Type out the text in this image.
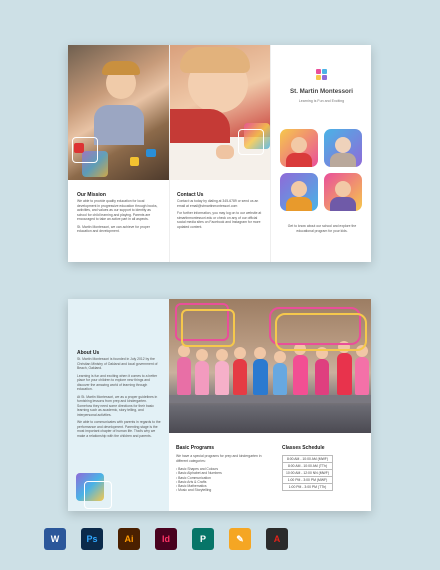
Our Mission

We able to provide quality education for local development in progressive education through books, activities, and values as our support to identity as school for child learning and playing. Parents are encouraged to take an active part in all aspects.

St. Martin Montessori, we can achieve for proper education and development.

Contact Us

Contact us today by dialing at 345-6789 or send us an email at email@stmartinmontessori.com

For further information, you may log on to our website at stmartinmontessori.edu or check on any of our official social media sites on Facebook and Instagram for more updated content.

St. Martin Montessori
Learning is Fun and Exciting
Get to know about our school and explore the educational program for your kids.
About Us

St. Martin Montessori is founded in July 2012 by the Christian Ministry of Oakland and local government of Beach, Oakland.

Learning is fun and exciting when it comes to a better place for your children to explore new things and discover the amazing world of learning through education.

At St. Martin Montessori, we as a proper guidelines in furnishing lessons from prep and kindergarten. Somehow they need some directions for their basic learning such as academic, story telling, and interpersonal activities.

We able to communicates with parents in regards to the performance and development. Parenting stage is the most important chapter of human life. That's why we make a relationship with the children and parents.

Basic Programs
We have a special programs for prep and kindergarten in different categories:
• Basic Shapes and Colours
• Basic Alphabet and Numbers
• Basic Communication
• Basic Arts & Crafts
• Basic Mathematics
• Music and Storytelling
Classes Schedule
8:00 AM - 10:00 AM (MWF)
8:00 AM - 10:00 AM (TTh)
10:00 AM - 12:00 NN (MWF)
1:00 PM - 3:00 PM (MWF)
1:00 PM - 3:00 PM (TTh)
W	Ps	Ai	Id	P	✎	A
